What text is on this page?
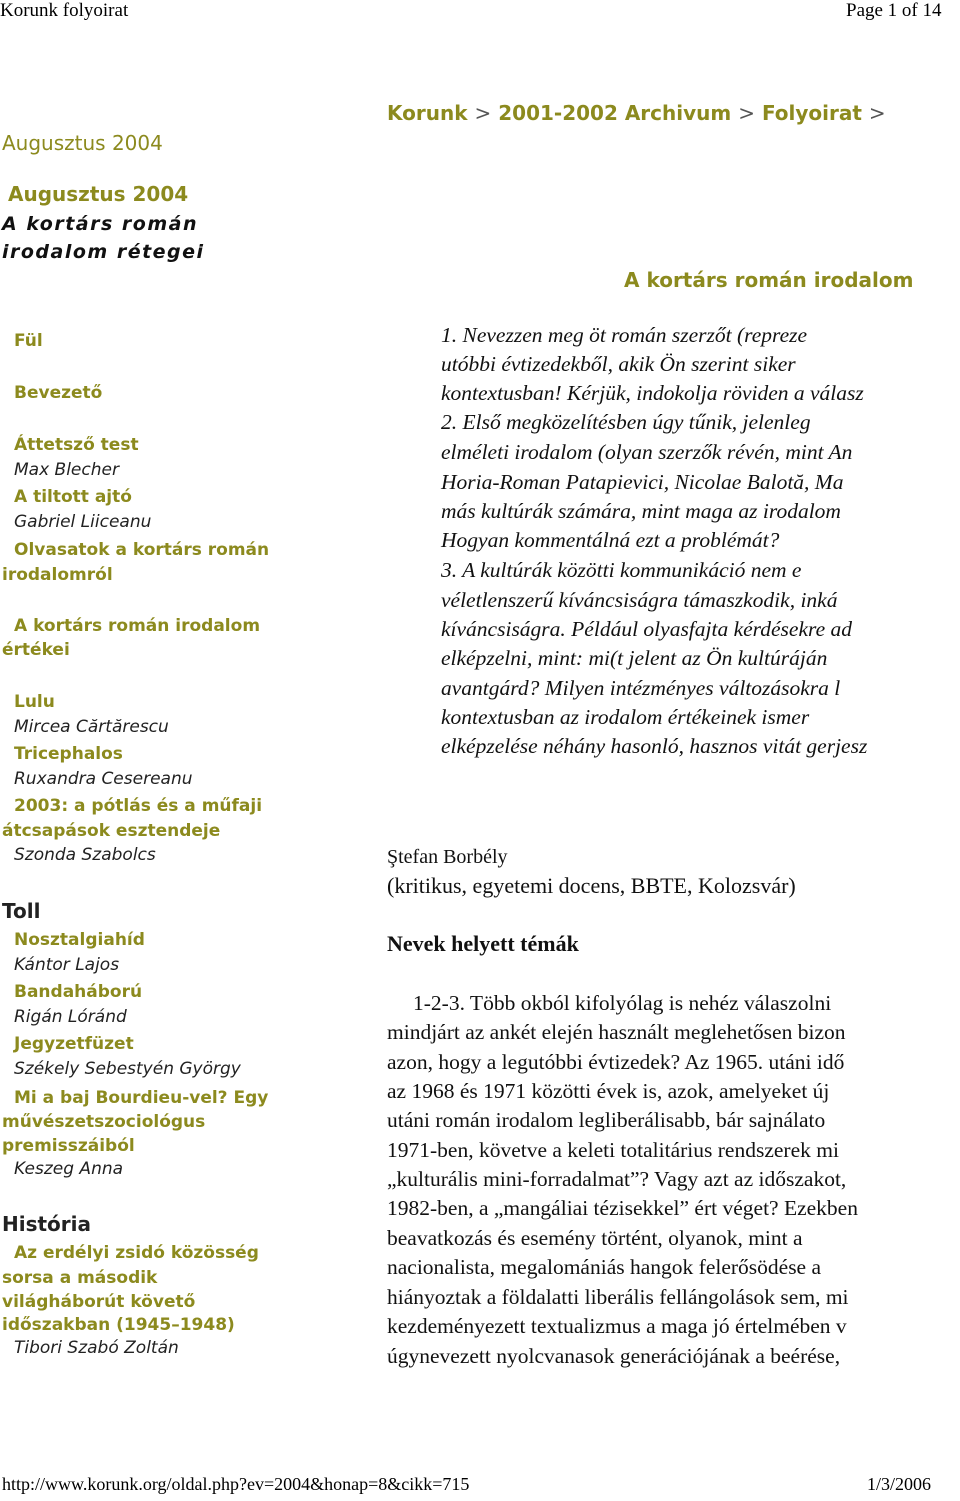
Korunk folyoirat	Page 1 of 14
Augusztus 2004
Augusztus 2004
A kortárs román
irodalom rétegei
Fül
Bevezető
Áttetsző test
Max Blecher
A tiltott ajtó
Gabriel Liiceanu
Olvasatok a kortárs román
irodalomról
A kortárs román irodalom
értékei
Lulu
Mircea Cărtărescu
Tricephalos
Ruxandra Cesereanu
2003: a pótlás és a műfaji
átcsapások esztendeje
Szonda Szabolcs
Toll
Nosztalgiahíd
Kántor Lajos
Bandaháború
Rigán Lóránd
Jegyzetfüzet
Székely Sebestyén György
Mi a baj Bourdieu-vel? Egy
művészetszociológus
premisszáiból
Keszeg Anna
História
Az erdélyi zsidó közösség
sorsa a második
világháborút követő
időszakban (1945–1948)
Tibori Szabó Zoltán
Korunk > 2001-2002 Archivum > Folyoirat >
A kortárs román irodalom
1. Nevezzen meg öt román szerzőt (repreze
utóbbi évtizedekből, akik Ön szerint siker
kontextusban! Kérjük, indokolja röviden a válasz
2. Első megközelítésben úgy tűnik, jelenleg
elméleti irodalom (olyan szerzők révén, mint An
Horia-Roman Patapievici, Nicolae Balotă, Ma
más kultúrák számára, mint maga az irodalom
Hogyan kommentálná ezt a problémát?
3. A kultúrák közötti kommunikáció nem e
véletlenszerű kíváncsiságra támaszkodik, inká
kíváncsiságra. Például olyasfajta kérdésekre ad
elképzelni, mint: mi(t jelent az Ön kultúráján
avantgárd? Milyen intézményes változásokra l
kontextusban az irodalom értékeinek ismer
elképzelése néhány hasonló, hasznos vitát gerjesz
Ştefan Borbély
(kritikus, egyetemi docens, BBTE, Kolozsvár)
Nevek helyett témák
1-2-3. Több okból kifolyólag is nehéz válaszolni
mindjárt az ankét elején használt meglehetősen bizon
azon, hogy a legutóbbi évtizedek? Az 1965. utáni idő
az 1968 és 1971 közötti évek is, azok, amelyeket új
utáni román irodalom legliberálisabb, bár sajnálato
1971-ben, követve a keleti totalitárius rendszerek mi
„kulturális mini-forradalmat”? Vagy azt az időszakot,
1982-ben, a „mangáliai tézisekkel” ért véget? Ezekben
beavatkozás és esemény történt, olyanok, mint a
nacionalista, megalomániás hangok felerősödése a
hiányoztak a földalatti liberális fellángolások sem, mi
kezdeményezett textualizmus a maga jó értelmében v
úgynevezett nyolcvanasok generációjának a beérése,
http://www.korunk.org/oldal.php?ev=2004&honap=8&cikk=715	1/3/2006
